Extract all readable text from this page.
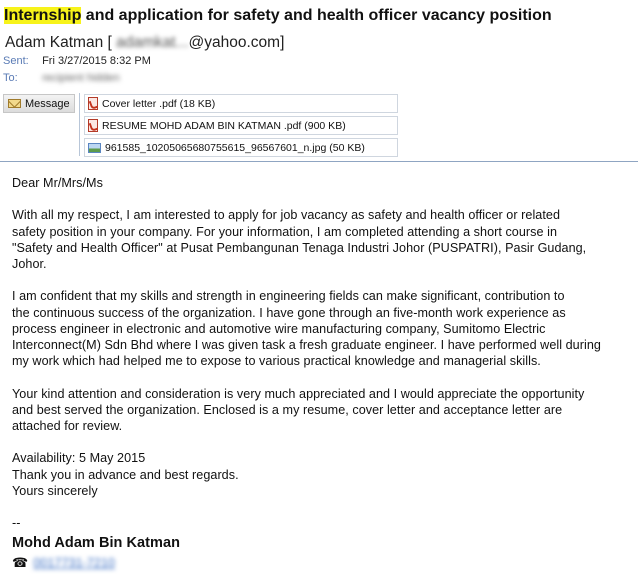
Internship and application for safety and health officer vacancy position
Adam Katman [ adamkat...@yahoo.com]
Sent: Fri 3/27/2015 8:32 PM
To: recipient hidden
Message	Cover letter .pdf (18 KB)
RESUME MOHD ADAM BIN KATMAN .pdf (900 KB)
961585_10205065680755615_96567601_n.jpg (50 KB)

Dear Mr/Mrs/Ms

With all my respect, I am interested to apply for job vacancy as safety and health officer or related
safety position in your company. For your information, I am completed attending a short course in
"Safety and Health Officer" at Pusat Pembangunan Tenaga Industri Johor (PUSPATRI), Pasir Gudang,
Johor.

I am confident that my skills and strength in engineering fields can make significant, contribution to
the continuous success of the organization. I have gone through an five-month work experience as
process engineer in electronic and automotive wire manufacturing company, Sumitomo Electric
Interconnect(M) Sdn Bhd where I was given task a fresh graduate engineer. I have performed well during
my work which had helped me to expose to various practical knowledge and managerial skills.

Your kind attention and consideration is very much appreciated and I would appreciate the opportunity
and best served the organization. Enclosed is a my resume, cover letter and acceptance letter are
attached for review.

Availability: 5 May 2015
Thank you in advance and best regards.
Yours sincerely

--
Mohd Adam Bin Katman
☎ 0017731-7210
